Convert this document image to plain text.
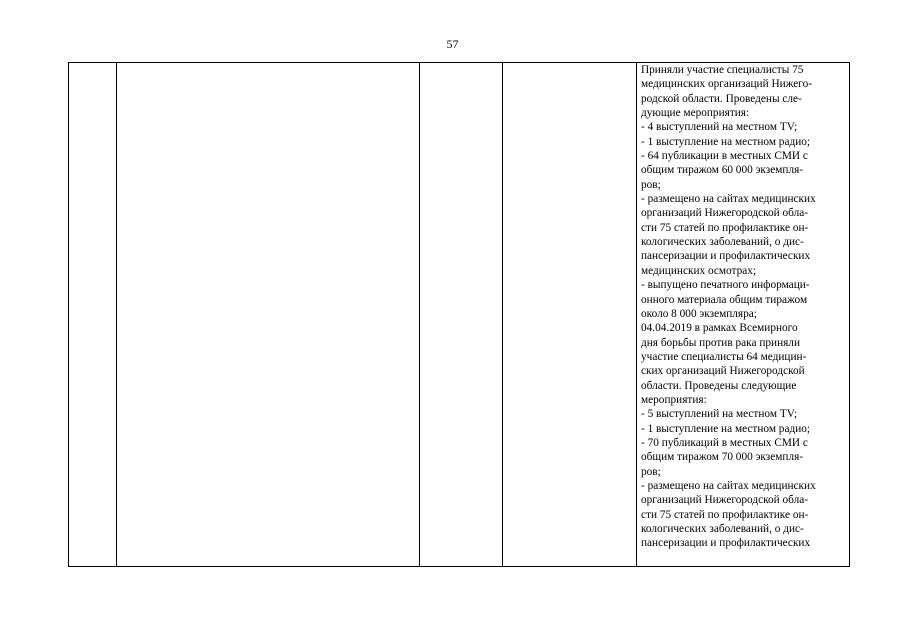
57
Приняли участие специалисты 75
медицинских организаций Нижего-
родской области. Проведены сле-
дующие мероприятия:
- 4 выступлений на местном TV;
- 1 выступление на местном радио;
- 64 публикации в местных СМИ с
общим тиражом 60 000 экземпля-
ров;
- размещено на сайтах медицинских
организаций Нижегородской обла-
сти 75 статей по профилактике он-
кологических заболеваний, о дис-
пансеризации и профилактических
медицинских осмотрах;
- выпущено печатного информаци-
онного материала общим тиражом
около 8 000 экземпляра;
04.04.2019 в рамках Всемирного
дня борьбы против рака приняли
участие специалисты 64 медицин-
ских организаций Нижегородской
области. Проведены следующие
мероприятия:
- 5 выступлений на местном TV;
- 1 выступление на местном радио;
- 70 публикаций в местных СМИ с
общим тиражом 70 000 экземпля-
ров;
- размещено на сайтах медицинских
организаций Нижегородской обла-
сти 75 статей по профилактике он-
кологических заболеваний, о дис-
пансеризации и профилактических
